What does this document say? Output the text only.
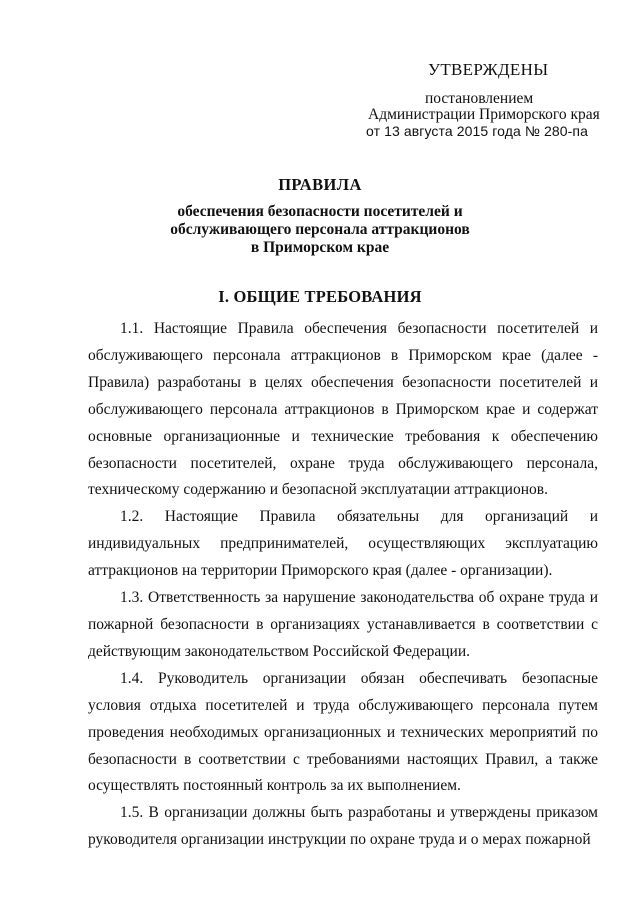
УТВЕРЖДЕНЫ
постановлением
Администрации Приморского края
от 13 августа 2015 года № 280-па
ПРАВИЛА
обеспечения безопасности посетителей и
обслуживающего персонала аттракционов
в Приморском крае
I. ОБЩИЕ ТРЕБОВАНИЯ

1.1. Настоящие Правила обеспечения безопасности посетителей и обслуживающего персонала аттракционов в Приморском крае (далее - Правила) разработаны в целях обеспечения безопасности посетителей и обслуживающего персонала аттракционов в Приморском крае и содержат основные организационные и технические требования к обеспечению безопасности посетителей, охране труда обслуживающего персонала, техническому содержанию и безопасной эксплуатации аттракционов.

1.2. Настоящие Правила обязательны для организаций и индивидуальных предпринимателей, осуществляющих эксплуатацию аттракционов на территории Приморского края (далее - организации).

1.3. Ответственность за нарушение законодательства об охране труда и пожарной безопасности в организациях устанавливается в соответствии с действующим законодательством Российской Федерации.

1.4. Руководитель организации обязан обеспечивать безопасные условия отдыха посетителей и труда обслуживающего персонала путем проведения необходимых организационных и технических мероприятий по безопасности в соответствии с требованиями настоящих Правил, а также осуществлять постоянный контроль за их выполнением.

1.5. В организации должны быть разработаны и утверждены приказом руководителя организации инструкции по охране труда и о мерах пожарной
